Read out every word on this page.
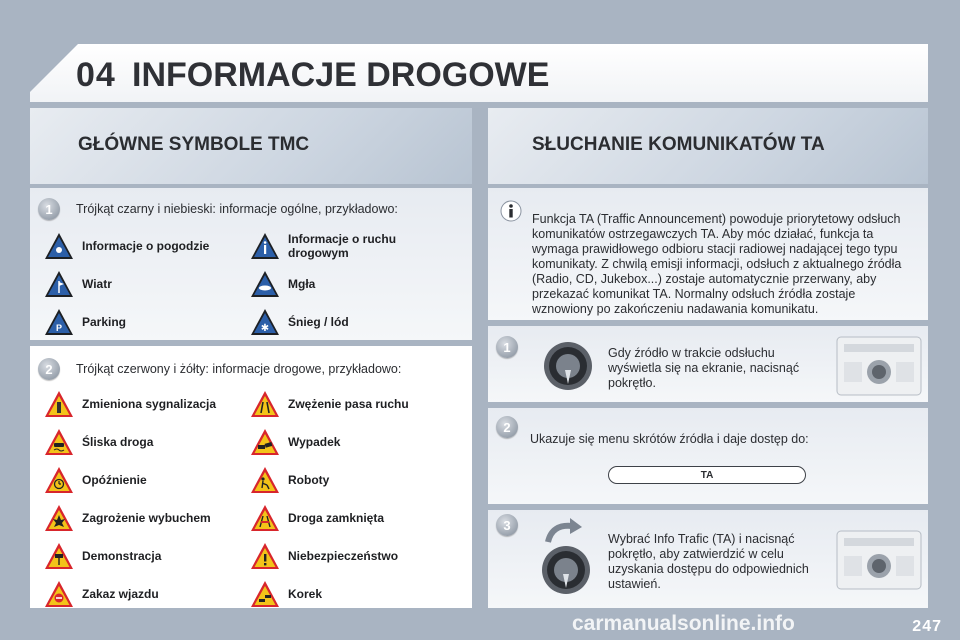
04 INFORMACJE DROGOWE
GŁÓWNE SYMBOLE TMC	SŁUCHANIE KOMUNIKATÓW TA
1	Trójkąt czarny i niebieski: informacje ogólne, przykładowo:
Informacje o pogodzie	Informacje o ruchu drogowym
Wiatr	Mgła
P Parking	✱ Śnieg / lód
2	Trójkąt czerwony i żółty: informacje drogowe, przykładowo:
Zmieniona sygnalizacja	Zwężenie pasa ruchu
Śliska droga	Wypadek
Opóźnienie	Roboty
Zagrożenie wybuchem	Droga zamknięta
Demonstracja	Niebezpieczeństwo
Zakaz wjazdu	Korek
Funkcja TA (Traffic Announcement) powoduje priorytetowy odsłuch komunikatów ostrzegawczych TA. Aby móc działać, funkcja ta wymaga prawidłowego odbioru stacji radiowej nadającej tego typu komunikaty. Z chwilą emisji informacji, odsłuch z aktualnego źródła (Radio, CD, Jukebox...) zostaje automatycznie przerwany, aby przekazać komunikat TA. Normalny odsłuch źródła zostaje wznowiony po zakończeniu nadawania komunikatu.
1	Gdy źródło w trakcie odsłuchu wyświetla się na ekranie, nacisnąć pokrętło.
2
Ukazuje się menu skrótów źródła i daje dostęp do:
TA
3
Wybrać Info Trafic (TA) i nacisnąć pokrętło, aby zatwierdzić w celu uzyskania dostępu do odpowiednich ustawień.
carmanualsonline.info	247
